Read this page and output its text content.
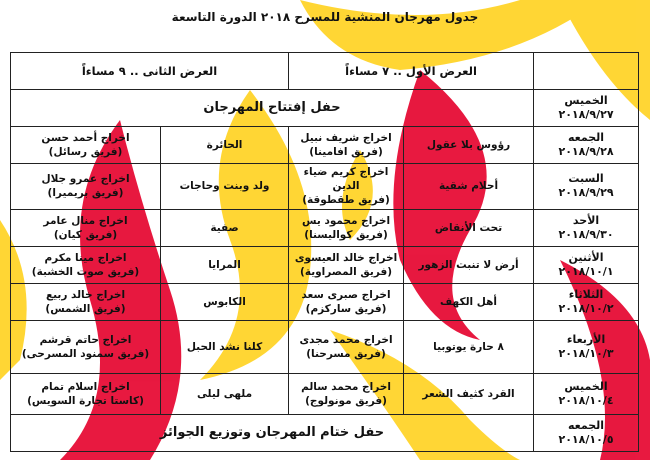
جدول مهرجان المنشية للمسرح ٢٠١٨ الدورة التاسعة
	العرض الأول .. ٧ مساءاً		العرض الثانى .. ٩ مساءاً	

الخميس
٢٠١٨/٩/٢٧	حفل إفتتاح المهرجان			

الجمعه
٢٠١٨/٩/٢٨	رؤوس بلا عقول	اخراج شريف نبيل
(فريق افامينا)	الحائرة	اخراج أحمد حسن
(فريق رسائل)

السبت
٢٠١٨/٩/٢٩	أحلام شقية	اخراج كريم ضياء الدين
(فريق طقطوقة)	ولد وبنت وحاجات	اخراج عمرو جلال
(فريق بريميرا)

الأحد
٢٠١٨/٩/٣٠	تحت الأنقاض	اخراج محمود يس
(فريق كواليسنا)	صفية	اخراج منال عامر
(فريق كيان)

الأثنين
٢٠١٨/١٠/١	أرض لا تنبت الزهور	اخراج خالد العيسوى
(فريق المصراوية)	المرايا	اخراج مينا مكرم
(فريق صوت الخشبة)

الثلاثاء
٢٠١٨/١٠/٢	أهل الكهف	اخراج صبرى سعد
(فريق ساركزم)	الكابوس	اخراج خالد ربيع
(فريق الشمس)

الأربعاء
٢٠١٨/١٠/٣	٨ حارة يوتوبيا	اخراج محمد مجدى
(فريق مسرحنا)	كلنا نشد الحبل	اخراج حاتم قرشم
(فريق سمنود المسرحى)

الخميس
٢٠١٨/١٠/٤	القرد كثيف الشعر	اخراج محمد سالم
(فريق مونولوج)	ملهى ليلى	اخراج اسلام تمام
(كاستا تجارة السويس)

الجمعه
٢٠١٨/١٠/٥	حفل ختام المهرجان وتوزيع الجوائز			
